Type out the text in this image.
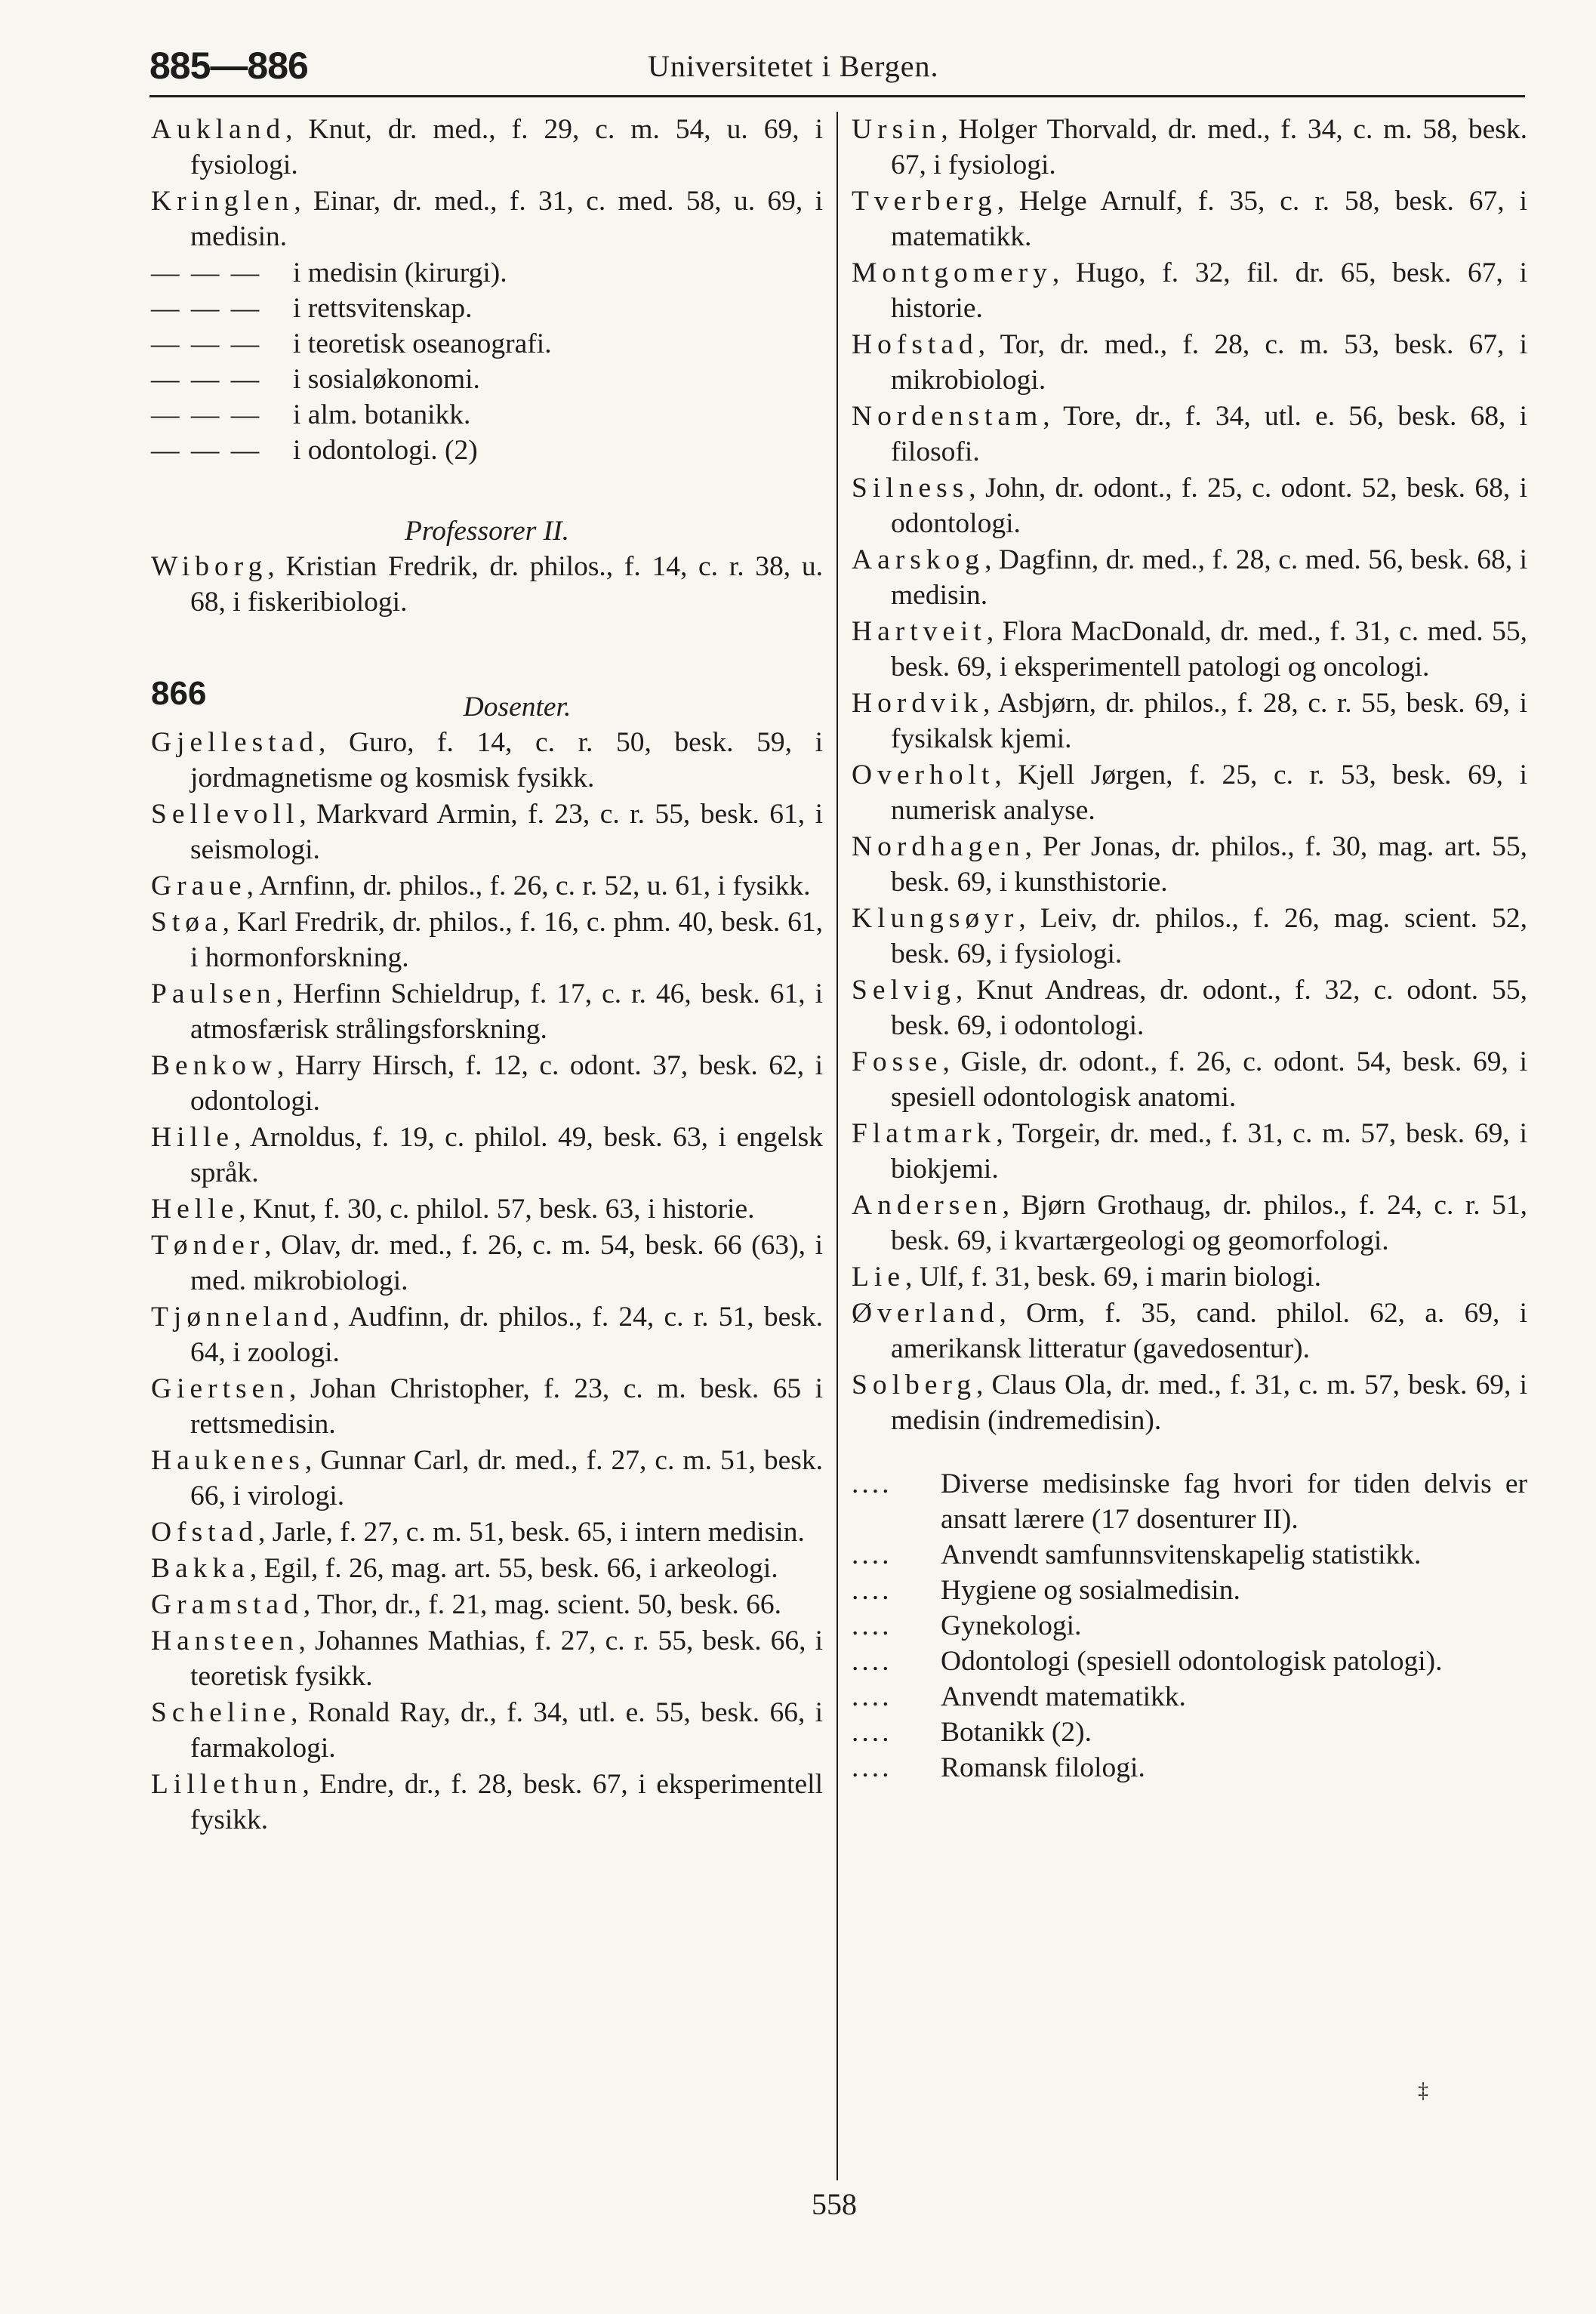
885—886	Universitetet i Bergen.

Aukland, Knut, dr. med., f. 29, c. m. 54, u. 69, i fysiologi.

Kringlen, Einar, dr. med., f. 31, c. med. 58, u. 69, i medisin.

— — —	i medisin (kirurgi).
— — —	i rettsvitenskap.
— — —	i teoretisk oseanografi.
— — —	i sosialøkonomi.
— — —	i alm. botanikk.
— — —	i odontologi. (2)

Professorer II.

Wiborg, Kristian Fredrik, dr. philos., f. 14, c. r. 38, u. 68, i fiskeribiologi.

866	Dosenter.

Gjellestad, Guro, f. 14, c. r. 50, besk. 59, i jordmagnetisme og kosmisk fysikk.

Sellevoll, Markvard Armin, f. 23, c. r. 55, besk. 61, i seismologi.

Graue, Arnfinn, dr. philos., f. 26, c. r. 52, u. 61, i fysikk.

Støa, Karl Fredrik, dr. philos., f. 16, c. phm. 40, besk. 61, i hormonforskning.

Paulsen, Herfinn Schieldrup, f. 17, c. r. 46, besk. 61, i atmosfærisk strålingsforskning.

Benkow, Harry Hirsch, f. 12, c. odont. 37, besk. 62, i odontologi.

Hille, Arnoldus, f. 19, c. philol. 49, besk. 63, i engelsk språk.

Helle, Knut, f. 30, c. philol. 57, besk. 63, i historie.

Tønder, Olav, dr. med., f. 26, c. m. 54, besk. 66 (63), i med. mikrobiologi.

Tjønneland, Audfinn, dr. philos., f. 24, c. r. 51, besk. 64, i zoologi.

Giertsen, Johan Christopher, f. 23, c. m. besk. 65 i rettsmedisin.

Haukenes, Gunnar Carl, dr. med., f. 27, c. m. 51, besk. 66, i virologi.

Ofstad, Jarle, f. 27, c. m. 51, besk. 65, i intern medisin.

Bakka, Egil, f. 26, mag. art. 55, besk. 66, i arkeologi.

Gramstad, Thor, dr., f. 21, mag. scient. 50, besk. 66.

Hansteen, Johannes Mathias, f. 27, c. r. 55, besk. 66, i teoretisk fysikk.

Scheline, Ronald Ray, dr., f. 34, utl. e. 55, besk. 66, i farmakologi.

Lillethun, Endre, dr., f. 28, besk. 67, i eksperimentell fysikk.

Ursin, Holger Thorvald, dr. med., f. 34, c. m. 58, besk. 67, i fysiologi.

Tverberg, Helge Arnulf, f. 35, c. r. 58, besk. 67, i matematikk.

Montgomery, Hugo, f. 32, fil. dr. 65, besk. 67, i historie.

Hofstad, Tor, dr. med., f. 28, c. m. 53, besk. 67, i mikrobiologi.

Nordenstam, Tore, dr., f. 34, utl. e. 56, besk. 68, i filosofi.

Silness, John, dr. odont., f. 25, c. odont. 52, besk. 68, i odontologi.

Aarskog, Dagfinn, dr. med., f. 28, c. med. 56, besk. 68, i medisin.

Hartveit, Flora MacDonald, dr. med., f. 31, c. med. 55, besk. 69, i eksperimentell patologi og oncologi.

Hordvik, Asbjørn, dr. philos., f. 28, c. r. 55, besk. 69, i fysikalsk kjemi.

Overholt, Kjell Jørgen, f. 25, c. r. 53, besk. 69, i numerisk analyse.

Nordhagen, Per Jonas, dr. philos., f. 30, mag. art. 55, besk. 69, i kunsthistorie.

Klungsøyr, Leiv, dr. philos., f. 26, mag. scient. 52, besk. 69, i fysiologi.

Selvig, Knut Andreas, dr. odont., f. 32, c. odont. 55, besk. 69, i odontologi.

Fosse, Gisle, dr. odont., f. 26, c. odont. 54, besk. 69, i spesiell odontologisk anatomi.

Flatmark, Torgeir, dr. med., f. 31, c. m. 57, besk. 69, i biokjemi.

Andersen, Bjørn Grothaug, dr. philos., f. 24, c. r. 51, besk. 69, i kvartærgeologi og geomorfologi.

Lie, Ulf, f. 31, besk. 69, i marin biologi.

Øverland, Orm, f. 35, cand. philol. 62, a. 69, i amerikansk litteratur (gavedosentur).

Solberg, Claus Ola, dr. med., f. 31, c. m. 57, besk. 69, i medisin (indremedisin).

....	Diverse medisinske fag hvori for tiden delvis er ansatt lærere (17 dosenturer II).
....	Anvendt samfunnsvitenskapelig statistikk.
....	Hygiene og sosialmedisin.
....	Gynekologi.
....	Odontologi (spesiell odontologisk patologi).
....	Anvendt matematikk.
....	Botanikk (2).
....	Romansk filologi.
558
‡
